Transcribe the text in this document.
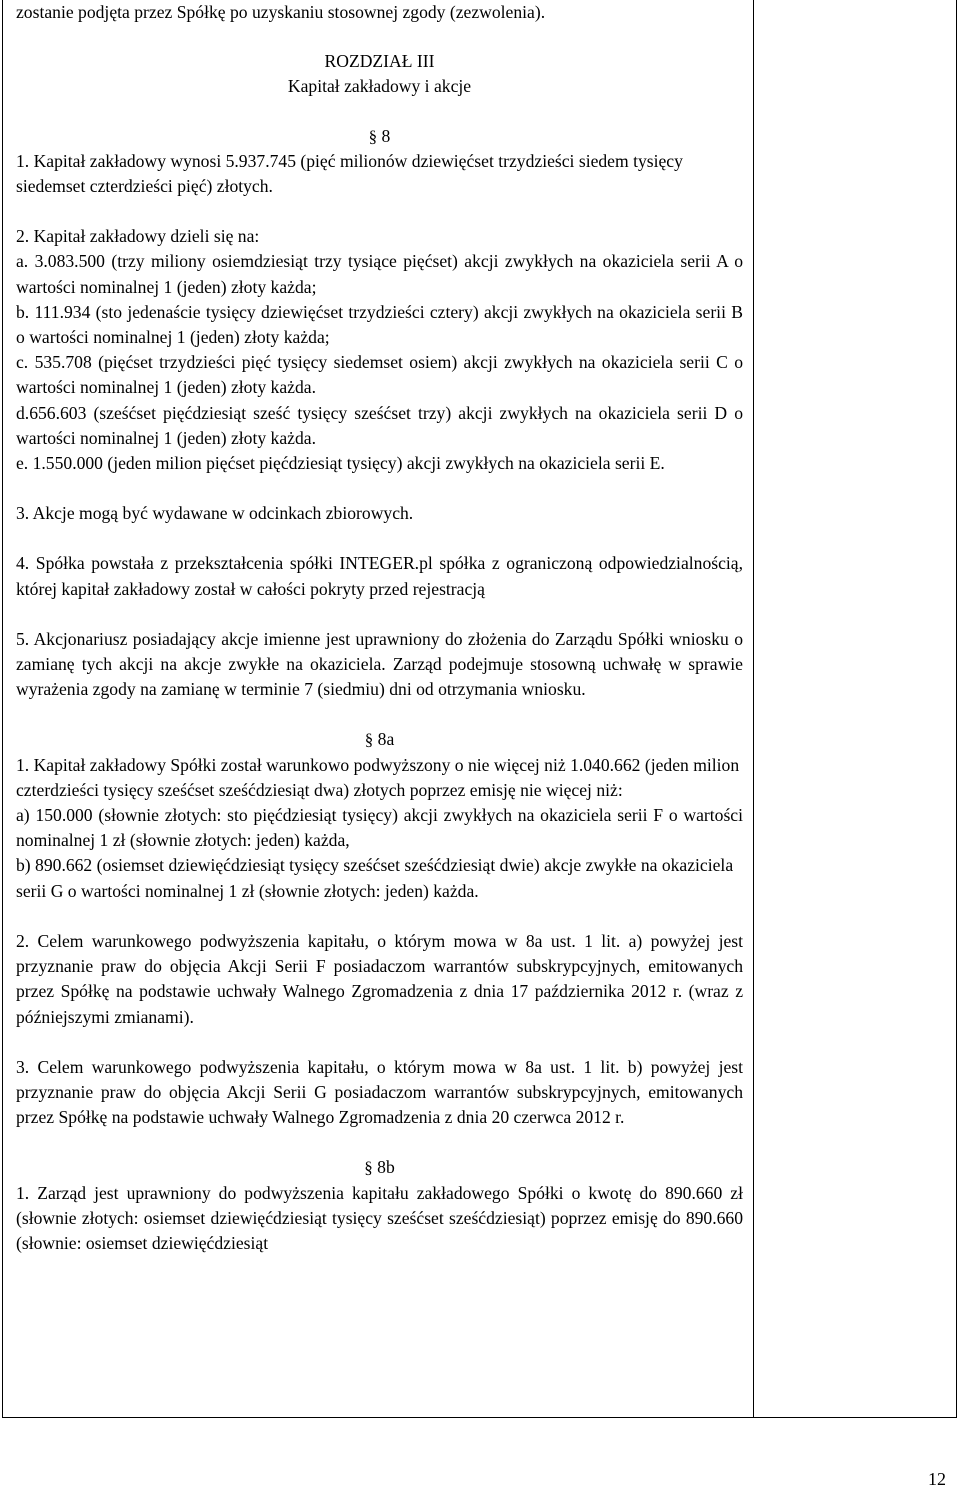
zostanie podjęta przez Spółkę po uzyskaniu stosownej zgody (zezwolenia).

ROZDZIAŁ III

Kapitał zakładowy i akcje

§ 8

1. Kapitał zakładowy wynosi 5.937.745 (pięć milionów dziewięćset trzydzieści siedem tysięcy siedemset czterdzieści pięć) złotych.

2. Kapitał zakładowy dzieli się na:

a. 3.083.500 (trzy miliony osiemdziesiąt trzy tysiące pięćset) akcji zwykłych na okaziciela serii A o wartości nominalnej 1 (jeden) złoty każda;

b. 111.934 (sto jedenaście tysięcy dziewięćset trzydzieści cztery) akcji zwykłych na okaziciela serii B o wartości nominalnej 1 (jeden) złoty każda;

c. 535.708 (pięćset trzydzieści pięć tysięcy siedemset osiem) akcji zwykłych na okaziciela serii C o wartości nominalnej 1 (jeden) złoty każda.

d.656.603 (sześćset pięćdziesiąt sześć tysięcy sześćset trzy) akcji zwykłych na okaziciela serii D o wartości nominalnej 1 (jeden) złoty każda.

e. 1.550.000 (jeden milion pięćset pięćdziesiąt tysięcy) akcji zwykłych na okaziciela serii E.

3. Akcje mogą być wydawane w odcinkach zbiorowych.

4. Spółka powstała z przekształcenia spółki INTEGER.pl spółka z ograniczoną odpowiedzialnością, której kapitał zakładowy został w całości pokryty przed rejestracją

5. Akcjonariusz posiadający akcje imienne jest uprawniony do złożenia do Zarządu Spółki wniosku o zamianę tych akcji na akcje zwykłe na okaziciela. Zarząd podejmuje stosowną uchwałę w sprawie wyrażenia zgody na zamianę w terminie 7 (siedmiu) dni od otrzymania wniosku.

§ 8a

1. Kapitał zakładowy Spółki został warunkowo podwyższony o nie więcej niż 1.040.662 (jeden milion czterdzieści tysięcy sześćset sześćdziesiąt dwa) złotych poprzez emisję nie więcej niż:

a) 150.000 (słownie złotych: sto pięćdziesiąt tysięcy) akcji zwykłych na okaziciela serii F o wartości nominalnej 1 zł (słownie złotych: jeden) każda,

b) 890.662 (osiemset dziewięćdziesiąt tysięcy sześćset sześćdziesiąt dwie) akcje zwykłe na okaziciela serii G o wartości nominalnej 1 zł (słownie złotych: jeden) każda.

2. Celem warunkowego podwyższenia kapitału, o którym mowa w 8a ust. 1 lit. a) powyżej jest przyznanie praw do objęcia Akcji Serii F posiadaczom warrantów subskrypcyjnych, emitowanych przez Spółkę na podstawie uchwały Walnego Zgromadzenia z dnia 17 października 2012 r. (wraz z późniejszymi zmianami).

3. Celem warunkowego podwyższenia kapitału, o którym mowa w 8a ust. 1 lit. b) powyżej jest przyznanie praw do objęcia Akcji Serii G posiadaczom warrantów subskrypcyjnych, emitowanych przez Spółkę na podstawie uchwały Walnego Zgromadzenia z dnia 20 czerwca 2012 r.

§ 8b

1. Zarząd jest uprawniony do podwyższenia kapitału zakładowego Spółki o kwotę do 890.660 zł (słownie złotych: osiemset dziewięćdziesiąt tysięcy sześćset sześćdziesiąt) poprzez emisję do 890.660 (słownie: osiemset dziewięćdziesiąt

12
